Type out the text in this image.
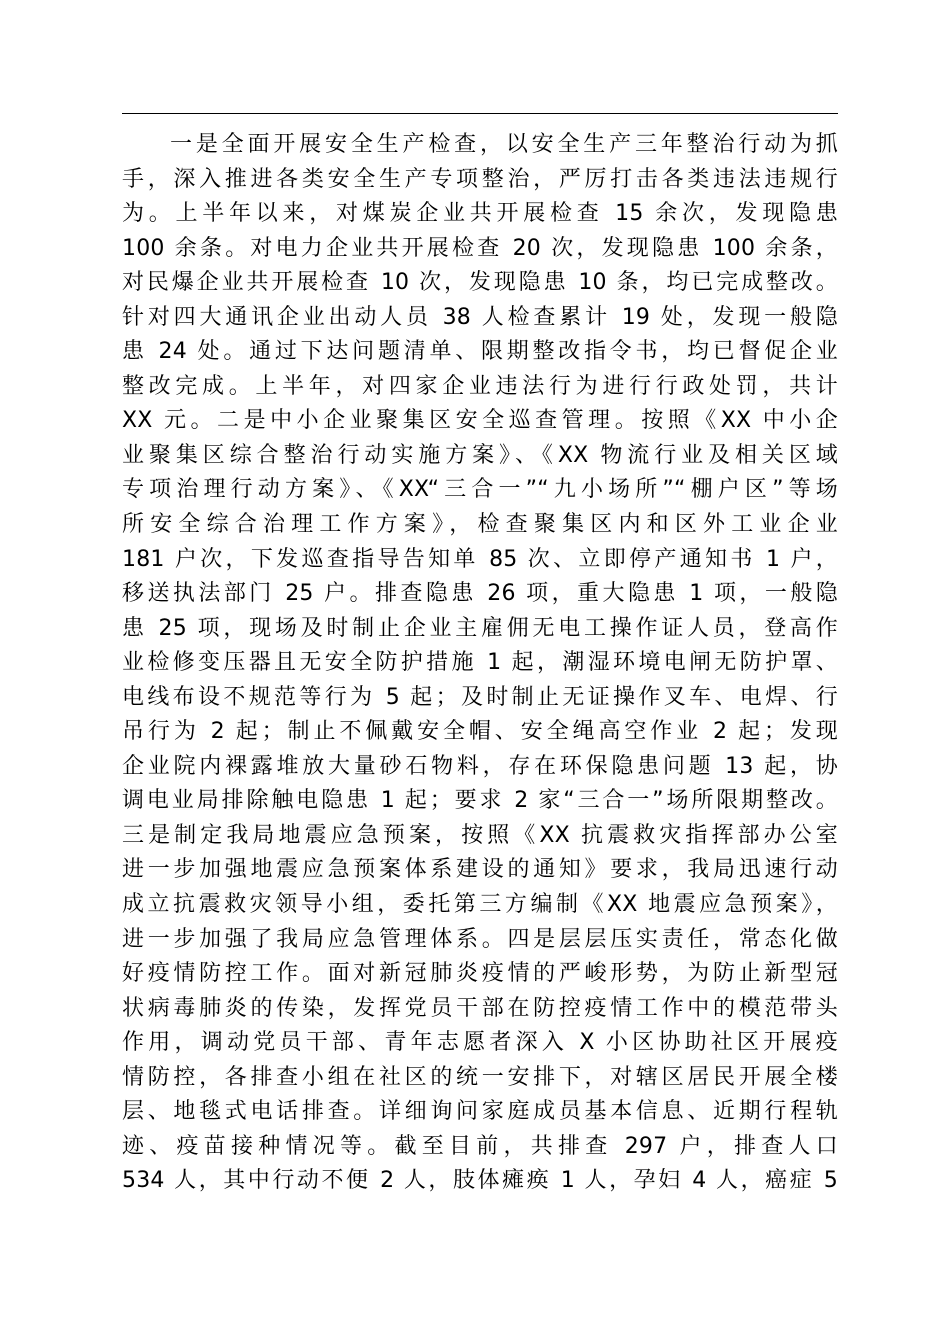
一是全面开展安全生产检查，以安全生产三年整治行动为抓
手，深入推进各类安全生产专项整治，严厉打击各类违法违规行
为。上半年以来，对煤炭企业共开展检查 15 余次，发现隐患
100 余条。对电力企业共开展检查 20 次，发现隐患 100 余条，
对民爆企业共开展检查 10 次，发现隐患 10 条，均已完成整改。
针对四大通讯企业出动人员 38 人检查累计 19 处，发现一般隐
患 24 处。通过下达问题清单、限期整改指令书，均已督促企业
整改完成。上半年，对四家企业违法行为进行行政处罚，共计
XX 元。二是中小企业聚集区安全巡查管理。按照《XX 中小企
业聚集区综合整治行动实施方案》、《XX 物流行业及相关区域
专项治理行动方案》、《XX“三合一”“九小场所”“棚户区”等场
所安全综合治理工作方案》，检查聚集区内和区外工业企业
181 户次，下发巡查指导告知单 85 次、立即停产通知书 1 户，
移送执法部门 25 户。排查隐患 26 项，重大隐患 1 项，一般隐
患 25 项，现场及时制止企业主雇佣无电工操作证人员，登高作
业检修变压器且无安全防护措施 1 起，潮湿环境电闸无防护罩、
电线布设不规范等行为 5 起；及时制止无证操作叉车、电焊、行
吊行为 2 起；制止不佩戴安全帽、安全绳高空作业 2 起；发现
企业院内裸露堆放大量砂石物料，存在环保隐患问题 13 起，协
调电业局排除触电隐患 1 起；要求 2 家“三合一”场所限期整改。
三是制定我局地震应急预案，按照《XX 抗震救灾指挥部办公室
进一步加强地震应急预案体系建设的通知》要求，我局迅速行动
成立抗震救灾领导小组，委托第三方编制《XX 地震应急预案》，
进一步加强了我局应急管理体系。四是层层压实责任，常态化做
好疫情防控工作。面对新冠肺炎疫情的严峻形势，为防止新型冠
状病毒肺炎的传染，发挥党员干部在防控疫情工作中的模范带头
作用，调动党员干部、青年志愿者深入 X 小区协助社区开展疫
情防控，各排查小组在社区的统一安排下，对辖区居民开展全楼
层、地毯式电话排查。详细询问家庭成员基本信息、近期行程轨
迹、疫苗接种情况等。截至目前，共排查 297 户，排查人口
534 人，其中行动不便 2 人，肢体瘫痪 1 人，孕妇 4 人，癌症 5
